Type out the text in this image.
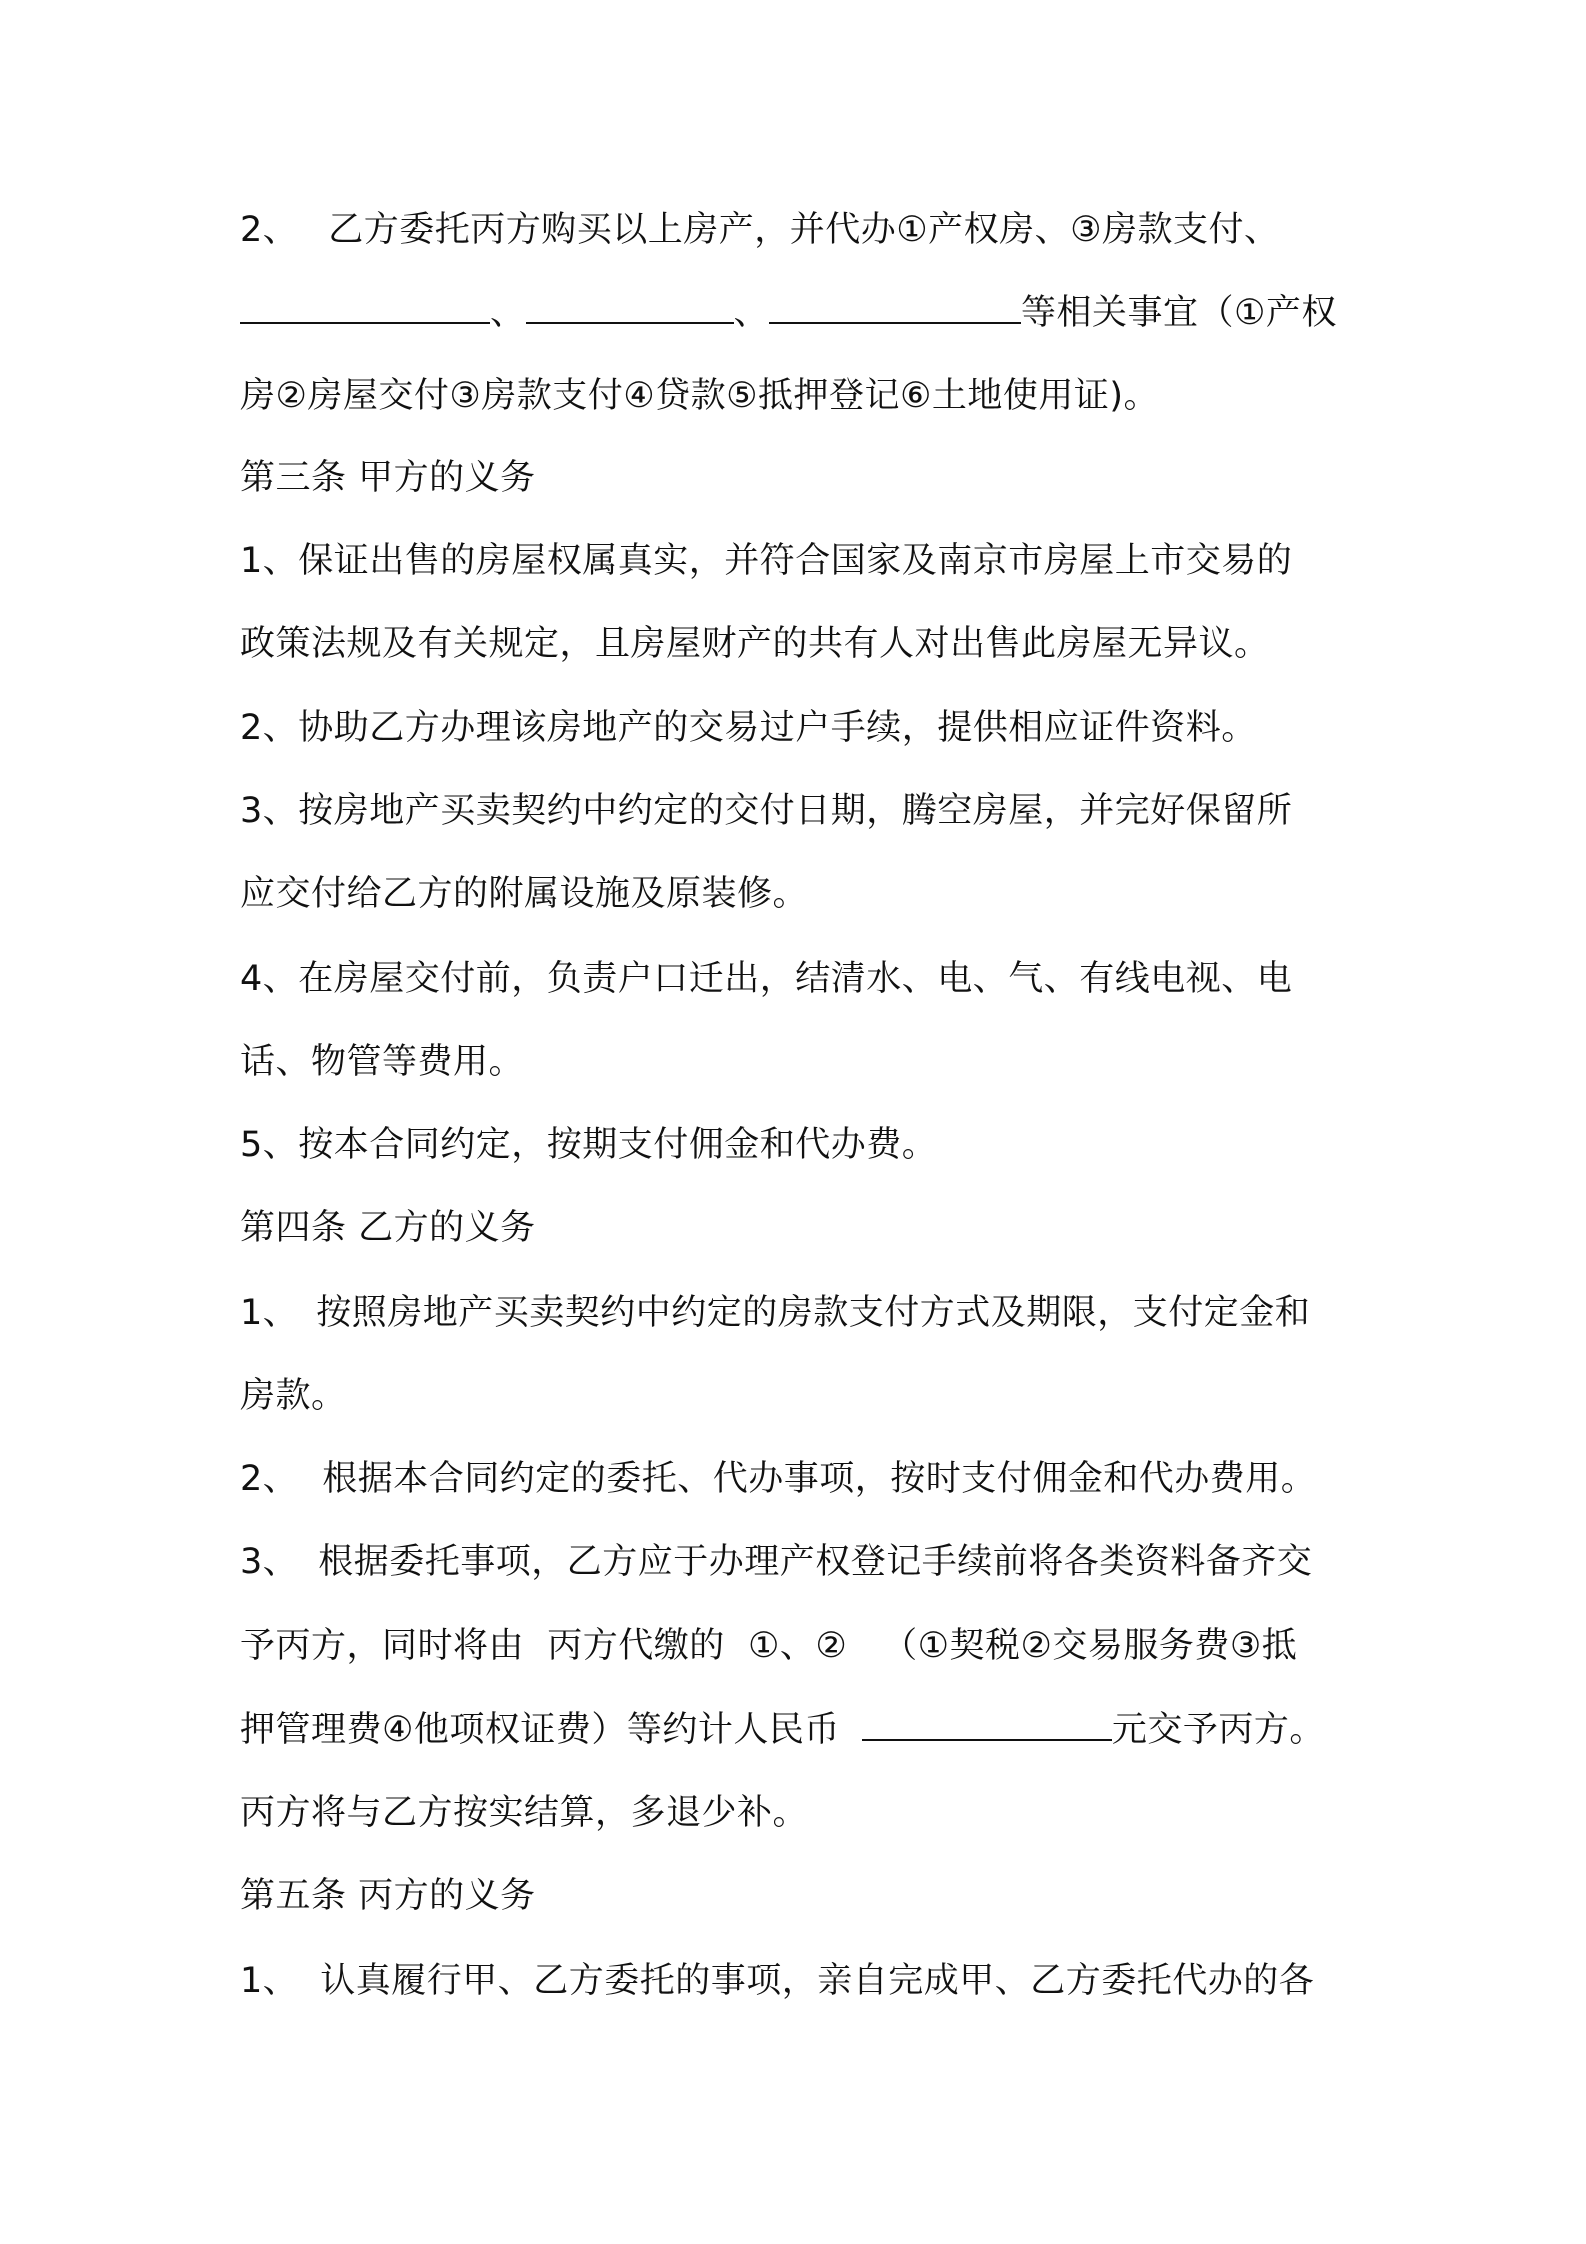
2、 乙方委托丙方购买以上房产，并代办①产权房、③房款支付、
、	、	等相关事宜（①产权
房②房屋交付③房款支付④贷款⑤抵押登记⑥土地使用证)。
第三条 甲方的义务
1、保证出售的房屋权属真实，并符合国家及南京市房屋上市交易的
政策法规及有关规定，且房屋财产的共有人对出售此房屋无异议。
2、协助乙方办理该房地产的交易过户手续，提供相应证件资料。
3、按房地产买卖契约中约定的交付日期，腾空房屋，并完好保留所
应交付给乙方的附属设施及原装修。
4、在房屋交付前，负责户口迁出，结清水、电、气、有线电视、电
话、物管等费用。
5、按本合同约定，按期支付佣金和代办费。
第四条 乙方的义务
1、 按照房地产买卖契约中约定的房款支付方式及期限，支付定金和
房款。
2、 根据本合同约定的委托、代办事项，按时支付佣金和代办费用。
3、 根据委托事项，乙方应于办理产权登记手续前将各类资料备齐交
予丙方，同时将由  丙方代缴的  ①、②   （①契税②交易服务费③抵
押管理费④他项权证费）等约计人民币	元交予丙方。
丙方将与乙方按实结算，多退少补。
第五条 丙方的义务
1、 认真履行甲、乙方委托的事项，亲自完成甲、乙方委托代办的各
